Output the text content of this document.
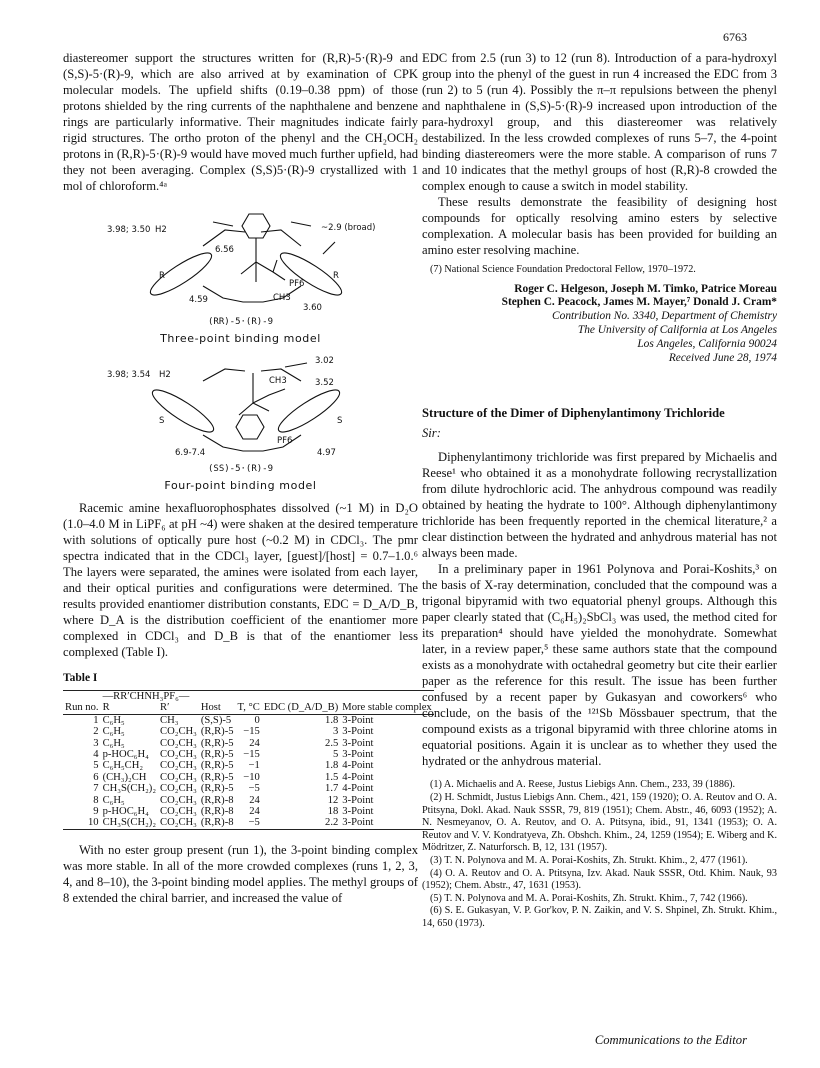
6763

diastereomer support the structures written for (R,R)-5·(R)-9 and (S,S)-5·(R)-9, which are also arrived at by examination of CPK molecular models. The upfield shifts (0.19–0.38 ppm) of those protons shielded by the ring currents of the naphthalene and benzene rings are particularly informative. Their magnitudes indicate fairly rigid structures. The ortho proton of the phenyl and the CH₂OCH₂ protons in (R,R)-5·(R)-9 would have moved much further upfield, had they not been averaging. Complex (S,S)5·(R)-9 crystallized with 1 mol of chloroform.⁴ᵃ

3.98; 3.50 H2	~2.9 (broad)
6.56
R	R
4.59
PF6
CH3
3.60
(RR)-5·(R)-9
Three-point binding model
3.98; 3.54 H2
3.02
3.52
S	S
6.9-7.4	4.97
PF6
CH3
(SS)-5·(R)-9
Four-point binding model

Racemic amine hexafluorophosphates dissolved (~1 M) in D₂O (1.0–4.0 M in LiPF₆ at pH ~4) were shaken at the desired temperature with solutions of optically pure host (~0.2 M) in CDCl₃. The pmr spectra indicated that in the CDCl₃ layer, [guest]/[host] = 0.7–1.0.⁶ The layers were separated, the amines were isolated from each layer, and their optical purities and configurations were determined. The results provided enantiomer distribution constants, EDC = D_A/D_B, where D_A is the distribution coefficient of the enantiomer more complexed in CDCl₃ and D_B is that of the enantiomer less complexed (Table I).

Table I
	—RR′CHNH₃PF₆—					
Run no.	R	R′	Host	T, °C	EDC (D_A/D_B)	More stable complex
1	C₆H₅	CH₃	(S,S)-5	0	1.8	3-Point
2	C₆H₅	CO₂CH₃	(R,R)-5	−15	3	3-Point
3	C₆H₅	CO₂CH₃	(R,R)-5	24	2.5	3-Point
4	p-HOC₆H₄	CO₂CH₃	(R,R)-5	−15	5	3-Point
5	C₆H₅CH₂	CO₂CH₃	(R,R)-5	−1	1.8	4-Point
6	(CH₃)₂CH	CO₂CH₃	(R,R)-5	−10	1.5	4-Point
7	CH₃S(CH₂)₂	CO₂CH₃	(R,R)-5	−5	1.7	4-Point
8	C₆H₅	CO₂CH₃	(R,R)-8	24	12	3-Point
9	p-HOC₆H₄	CO₂CH₃	(R,R)-8	24	18	3-Point
10	CH₃S(CH₂)₂	CO₂CH₃	(R,R)-8	−5	2.2	3-Point

With no ester group present (run 1), the 3-point binding complex was more stable. In all of the more crowded complexes (runs 1, 2, 3, 4, and 8–10), the 3-point binding model applies. The methyl groups of 8 extended the chiral barrier, and increased the value of

EDC from 2.5 (run 3) to 12 (run 8). Introduction of a para-hydroxyl group into the phenyl of the guest in run 4 increased the EDC from 3 (run 2) to 5 (run 4). Possibly the π–π repulsions between the phenyl and naphthalene in (S,S)-5·(R)-9 increased upon introduction of the para-hydroxyl group, and this diastereomer was relatively destabilized. In the less crowded complexes of runs 5–7, the 4-point binding diastereomers were the more stable. A comparison of runs 7 and 10 indicates that the methyl groups of host (R,R)-8 crowded the complex enough to cause a switch in model stability.

These results demonstrate the feasibility of designing host compounds for optically resolving amino esters by selective complexation. A molecular basis has been provided for building an amino ester resolving machine.

(7) National Science Foundation Predoctoral Fellow, 1970–1972.

Roger C. Helgeson, Joseph M. Timko, Patrice Moreau
Stephen C. Peacock, James M. Mayer,⁷ Donald J. Cram*
Contribution No. 3340, Department of Chemistry
The University of California at Los Angeles
Los Angeles, California 90024
Received June 28, 1974
Structure of the Dimer of Diphenylantimony Trichloride
Sir:

Diphenylantimony trichloride was first prepared by Michaelis and Reese¹ who obtained it as a monohydrate following recrystallization from dilute hydrochloric acid. The anhydrous compound was readily obtained by heating the hydrate to 100°. Although diphenylantimony trichloride has been frequently reported in the chemical literature,² a clear distinction between the hydrated and anhydrous material has not always been made.

In a preliminary paper in 1961 Polynova and Porai-Koshits,³ on the basis of X-ray determination, concluded that the compound was a trigonal bipyramid with two equatorial phenyl groups. Although this paper clearly stated that (C₆H₅)₂SbCl₃ was used, the method cited for its preparation⁴ should have yielded the monohydrate. Somewhat later, in a review paper,⁵ these same authors state that the compound exists as a monohydrate with octahedral geometry but cite their earlier paper as the reference for this result. The issue has been further confused by a recent paper by Gukasyan and coworkers⁶ who conclude, on the basis of the ¹²¹Sb Mössbauer spectrum, that the compound exists as a trigonal bipyramid with three chlorine atoms in equatorial positions. Again it is unclear as to whether they used the hydrated or the anhydrous material.

(1) A. Michaelis and A. Reese, Justus Liebigs Ann. Chem., 233, 39 (1886).

(2) H. Schmidt, Justus Liebigs Ann. Chem., 421, 159 (1920); O. A. Reutov and O. A. Ptitsyna, Dokl. Akad. Nauk SSSR, 79, 819 (1951); Chem. Abstr., 46, 6093 (1952); A. N. Nesmeyanov, O. A. Reutov, and O. A. Ptitsyna, ibid., 91, 1341 (1953); O. A. Reutov and V. V. Kondratyeva, Zh. Obshch. Khim., 24, 1259 (1954); E. Wiberg and K. Mödritzer, Z. Naturforsch. B, 12, 131 (1957).

(3) T. N. Polynova and M. A. Porai-Koshits, Zh. Strukt. Khim., 2, 477 (1961).

(4) O. A. Reutov and O. A. Ptitsyna, Izv. Akad. Nauk SSSR, Otd. Khim. Nauk, 93 (1952); Chem. Abstr., 47, 1631 (1953).

(5) T. N. Polynova and M. A. Porai-Koshits, Zh. Strukt. Khim., 7, 742 (1966).

(6) S. E. Gukasyan, V. P. Gor'kov, P. N. Zaikin, and V. S. Shpinel, Zh. Strukt. Khim., 14, 650 (1973).

Communications to the Editor
